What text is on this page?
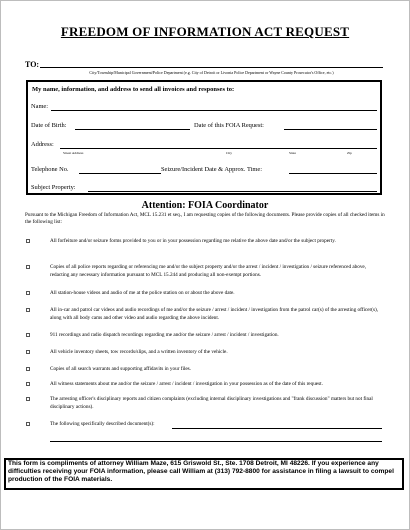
FREEDOM OF INFORMATION ACT REQUEST
TO:
City/Township/Municipal Government/Police Department (e.g. City of Detroit or Livonia Police Department or Wayne County Prosecutor's Office, etc.)
My name, information, and address to send all invoices and responses to:
Name:
Date of Birth:	Date of this FOIA Request:
Address:
Street Address	City	State	Zip
Telephone No.	Seizure/Incident Date & Approx. Time:
Subject Property:
Attention: FOIA Coordinator
Pursuant to the Michigan Freedom of Information Act, MCL 15.231 et seq., I am requesting copies of the following documents. Please provide copies of all checked items in the following list:
All forfeiture and/or seizure forms provided to you or in your possession regarding me relative the above date and/or the subject property.
Copies of all police reports regarding or referencing me and/or the subject property and/or the arrest / incident / investigation / seizure referenced above, redacting any necessary information pursuant to MCL 15.244 and producing all non-exempt portions.
All station-house videos and audio of me at the police station on or about the above date.
All in-car and patrol car videos and audio recordings of me and/or the seizure / arrest / incident / investigation from the patrol car(s) of the arresting officer(s), along with all body cams and other video and audio regarding the above incident.
911 recordings and radio dispatch recordings regarding me and/or the seizure / arrest / incident / investigation.
All vehicle inventory sheets, tow records/slips, and a written inventory of the vehicle.
Copies of all search warrants and supporting affidavits in your files.
All witness statements about me and/or the seizure / arrest / incident / investigation in your possession as of the date of this request.
The arresting officer's disciplinary reports and citizen complaints (excluding internal disciplinary investigations and "frank discussion" matters but not final disciplinary actions).
The following specifically described document(s):
This form is compliments of attorney William Maze, 615 Griswold St., Ste. 1708 Detroit, MI 48226. If you experience any difficulties receiving your FOIA information, please call William at (313) 792-8800 for assistance in filing a lawsuit to compel production of the FOIA materials.
